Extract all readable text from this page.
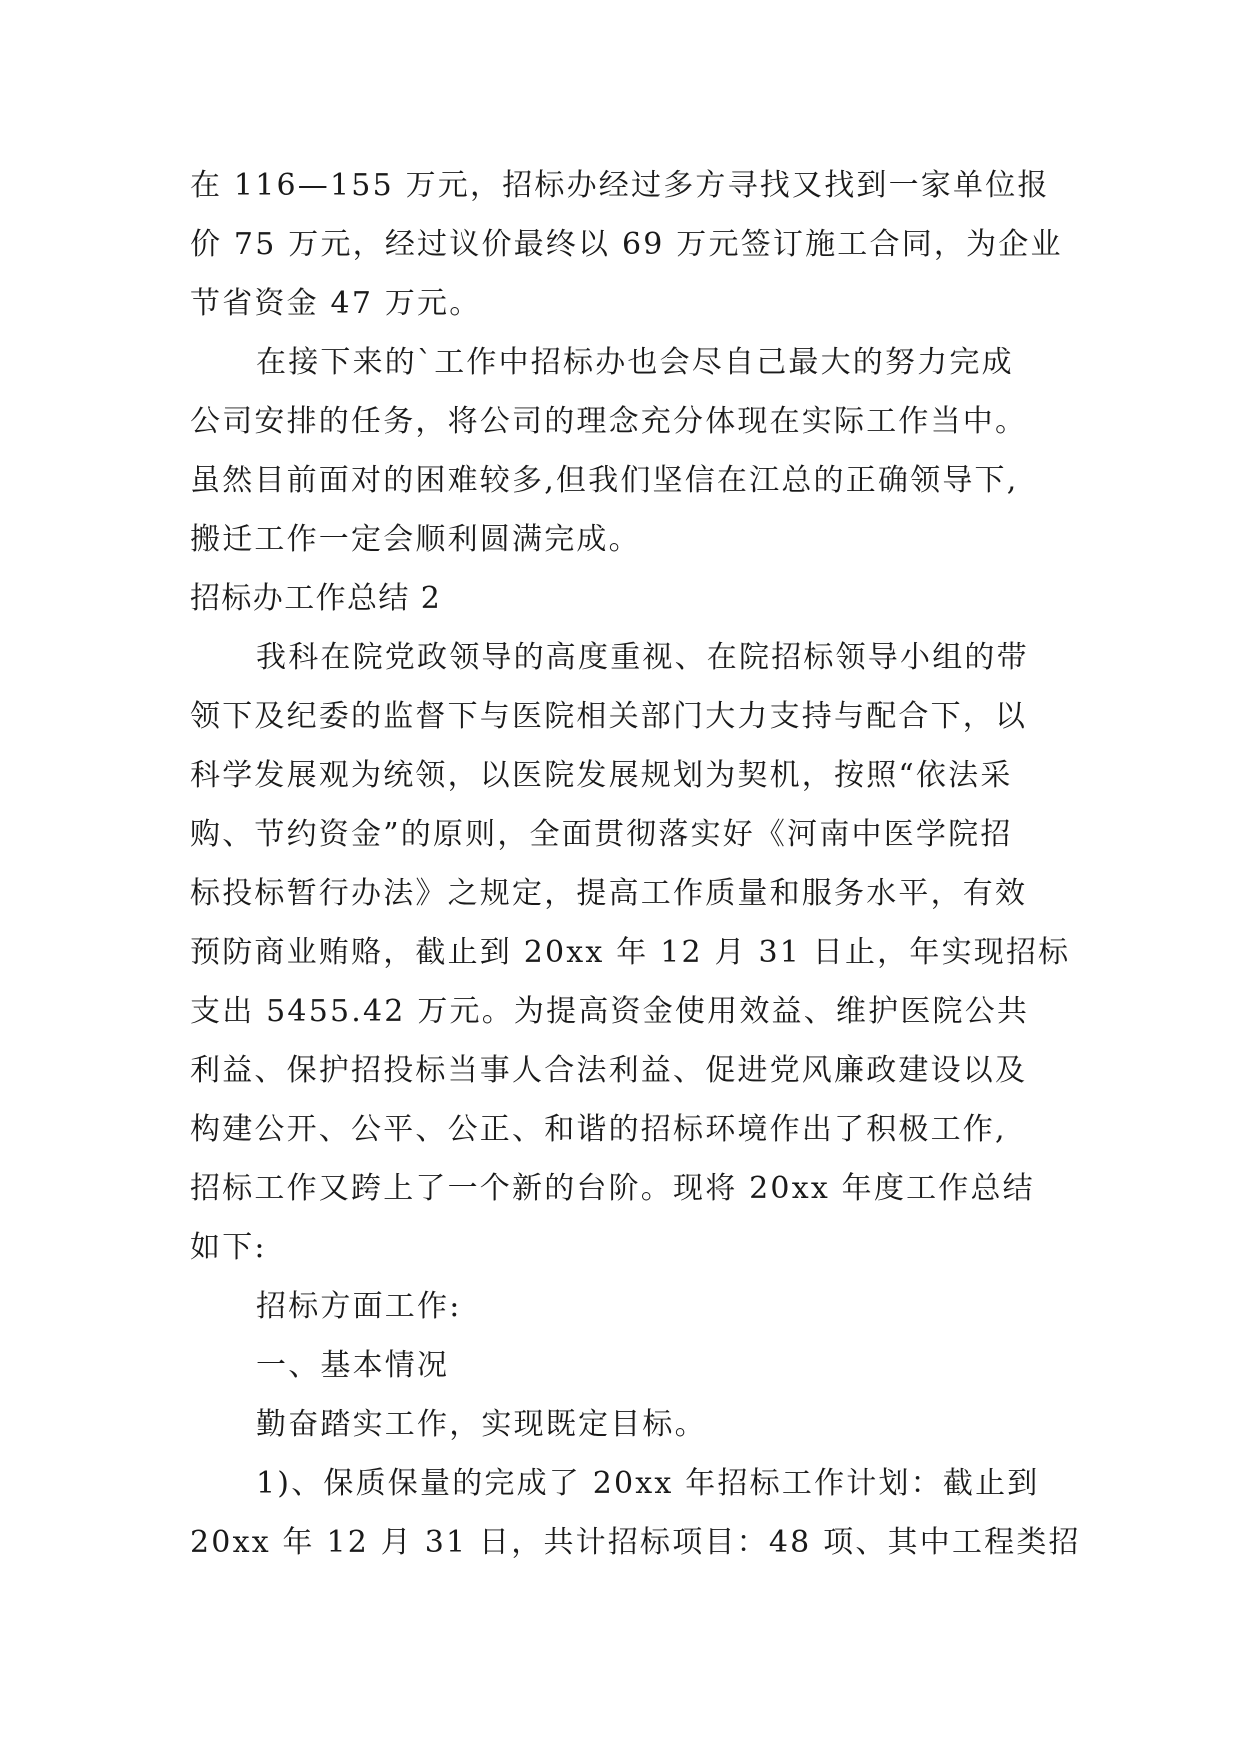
在 116—155 万元，招标办经过多方寻找又找到一家单位报
价 75 万元，经过议价最终以 69 万元签订施工合同，为企业
节省资金 47 万元。
在接下来的`工作中招标办也会尽自己最大的努力完成
公司安排的任务，将公司的理念充分体现在实际工作当中。
虽然目前面对的困难较多,但我们坚信在江总的正确领导下,
搬迁工作一定会顺利圆满完成。
招标办工作总结 2
我科在院党政领导的高度重视、在院招标领导小组的带
领下及纪委的监督下与医院相关部门大力支持与配合下，以
科学发展观为统领，以医院发展规划为契机，按照“依法采
购、节约资金”的原则，全面贯彻落实好《河南中医学院招
标投标暂行办法》之规定，提高工作质量和服务水平，有效
预防商业贿赂，截止到 20xx 年 12 月 31 日止，年实现招标
支出 5455.42 万元。为提高资金使用效益、维护医院公共
利益、保护招投标当事人合法利益、促进党风廉政建设以及
构建公开、公平、公正、和谐的招标环境作出了积极工作,
招标工作又跨上了一个新的台阶。现将 20xx 年度工作总结
如下:
招标方面工作:
一、基本情况
勤奋踏实工作，实现既定目标。
1)、保质保量的完成了 20xx 年招标工作计划：截止到
20xx 年 12 月 31 日，共计招标项目：48 项、其中工程类招
